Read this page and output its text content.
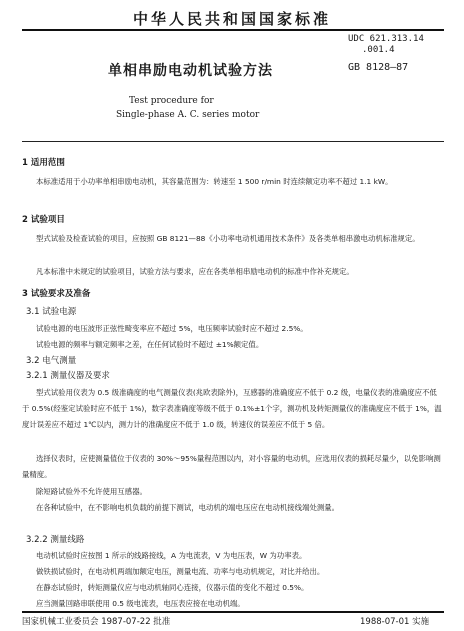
中华人民共和国国家标准
UDC 621.313.14
.001.4
单相串励电动机试验方法	GB 8128—87
Test procedure for
Single-phase A. C. series motor
1 适用范围
本标准适用于小功率单相串励电动机，其容量范围为：转速至 1 500 r/min 时连续额定功率不超过 1.1 kW。
2 试验项目
型式试验及检查试验的项目，应按照 GB 8121—88《小功率电动机通用技术条件》及各类单相串激电动机标准规定。
凡本标准中未规定的试验项目，试验方法与要求，应在各类单相串励电动机的标准中作补充规定。
3 试验要求及准备
3.1 试验电源
试验电源的电压波形正弦性畸变率应不超过 5%，电压频率试验时应不超过 2.5%。
试验电源的频率与额定频率之差，在任何试验时不超过 ±1%额定值。
3.2 电气测量
3.2.1 测量仪器及要求
型式试验用仪表为 0.5 级准确度的电气测量仪表(兆欧表除外)，互感器的准确度应不低于 0.2 级，电量仪表的准确度应不低于 0.5%(经鉴定试验时应不低于 1%)，数字表准确度等级不低于 0.1%±1个字，测功机及转矩测量仪的准确度应不低于 1%，温度计误差应不超过 1℃以内，测力计的准确度应不低于 1.0 级，转速仪的误差应不低于 5 倍。
选择仪表时，应使测量值位于仪表的 30%～95%量程范围以内，对小容量的电动机，应选用仪表的损耗尽量少，以免影响测量精度。
除短路试验外不允许使用互感器。
在各种试验中，在不影响电机负载的前提下测试，电动机的端电压应在电动机接线端处测量。
3.2.2 测量线路
电动机试验时应按图 1 所示的线路接线，A 为电流表，V 为电压表，W 为功率表。
做铁损试验时，在电动机两端加额定电压，测量电流、功率与电动机规定，对比并给出。
在静态试验时，转矩测量仪应与电动机轴同心连接，仪器示值的变化不超过 0.5%。
应当测量回路串联使用 0.5 级电流表，电压表应接在电动机端。
国家机械工业委员会 1987-07-22 批准	1988-07-01 实施
